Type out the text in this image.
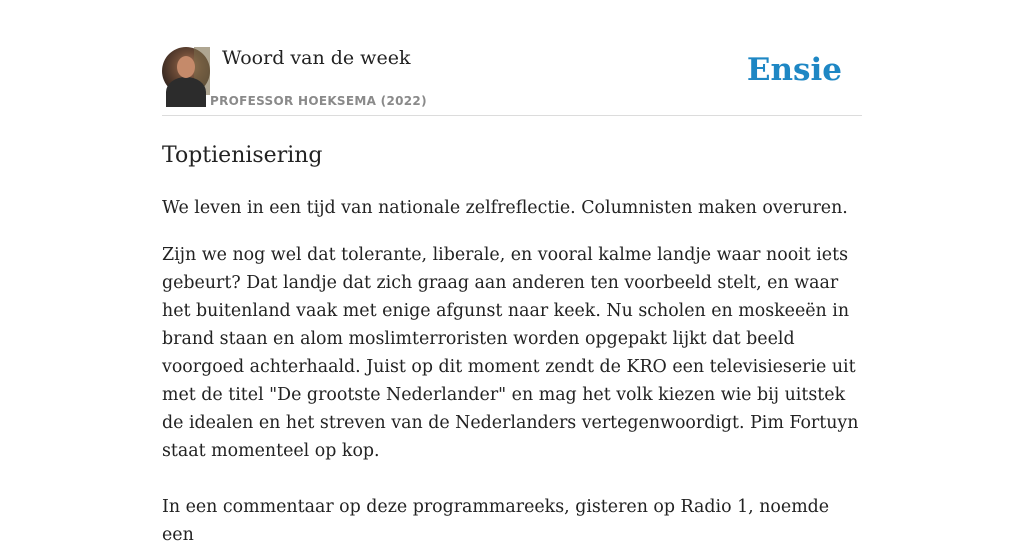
Woord van de week
PROFESSOR HOEKSEMA (2022)
Ensie
Toptienisering

We leven in een tijd van nationale zelfreflectie. Columnisten maken overuren.

Zijn we nog wel dat tolerante, liberale, en vooral kalme landje waar nooit iets gebeurt? Dat landje dat zich graag aan anderen ten voorbeeld stelt, en waar het buitenland vaak met enige afgunst naar keek. Nu scholen en moskeeën in brand staan en alom moslimterroristen worden opgepakt lijkt dat beeld voorgoed achterhaald. Juist op dit moment zendt de KRO een televisieserie uit met de titel "De grootste Nederlander" en mag het volk kiezen wie bij uitstek de idealen en het streven van de Nederlanders vertegenwoordigt. Pim Fortuyn staat momenteel op kop.

In een commentaar op deze programmareeks, gisteren op Radio 1, noemde een
